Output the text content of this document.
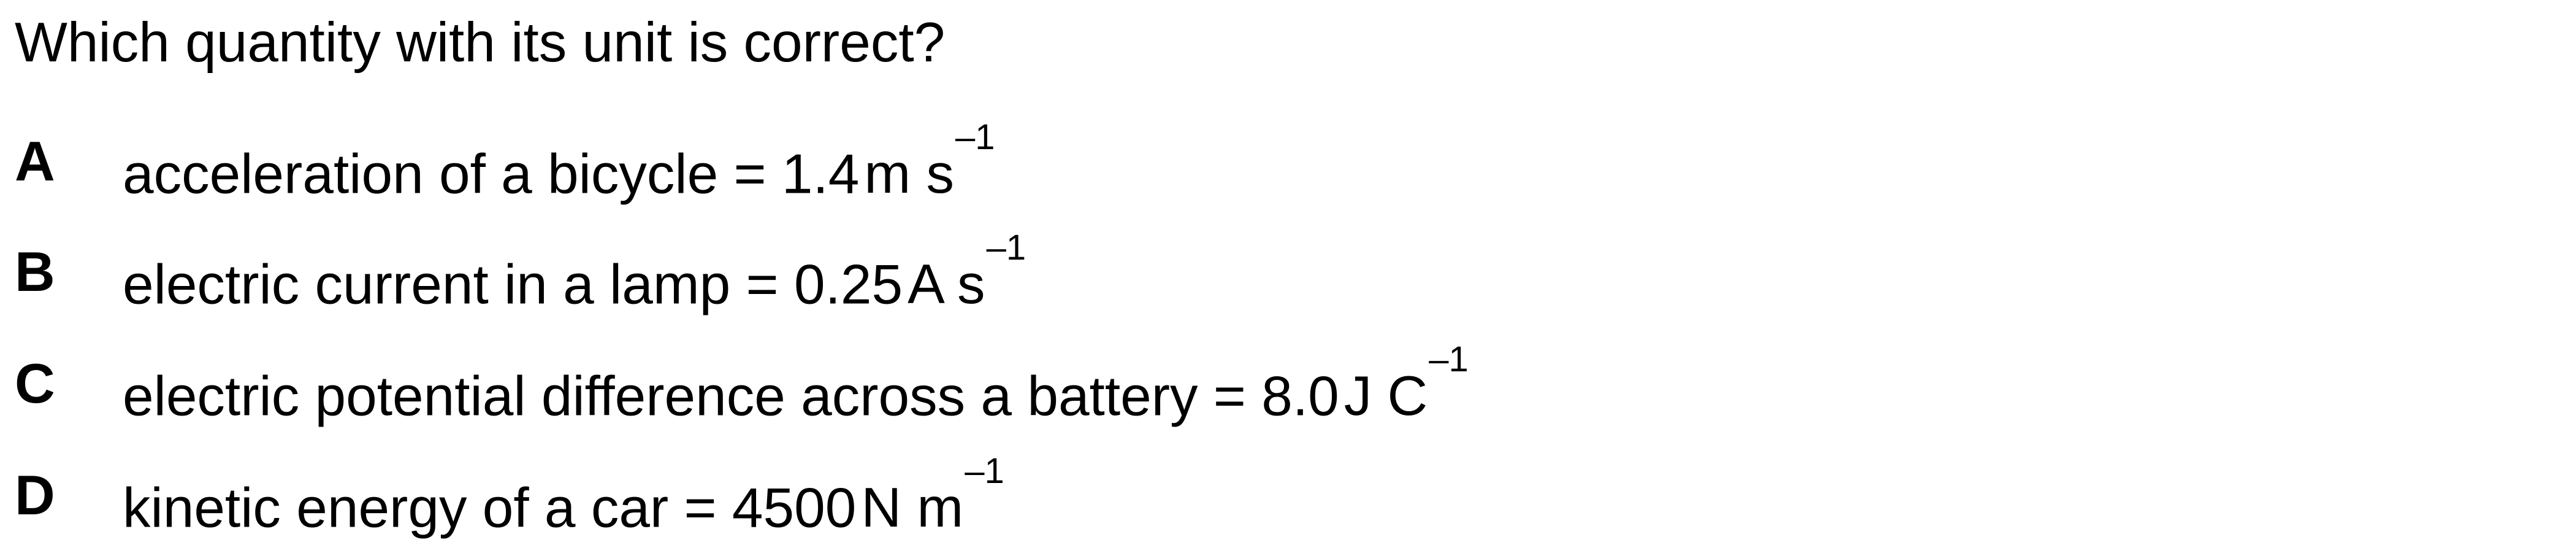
Which quantity with its unit is correct?

A	acceleration of a bicycle = 1.4m $s^{-1}$
B	electric current in a lamp = 0.25A $s^{-1}$
C	electric potential difference across a battery = 8.0J $C^{-1}$
D	kinetic energy of a car = 4500N $m^{-1}$
